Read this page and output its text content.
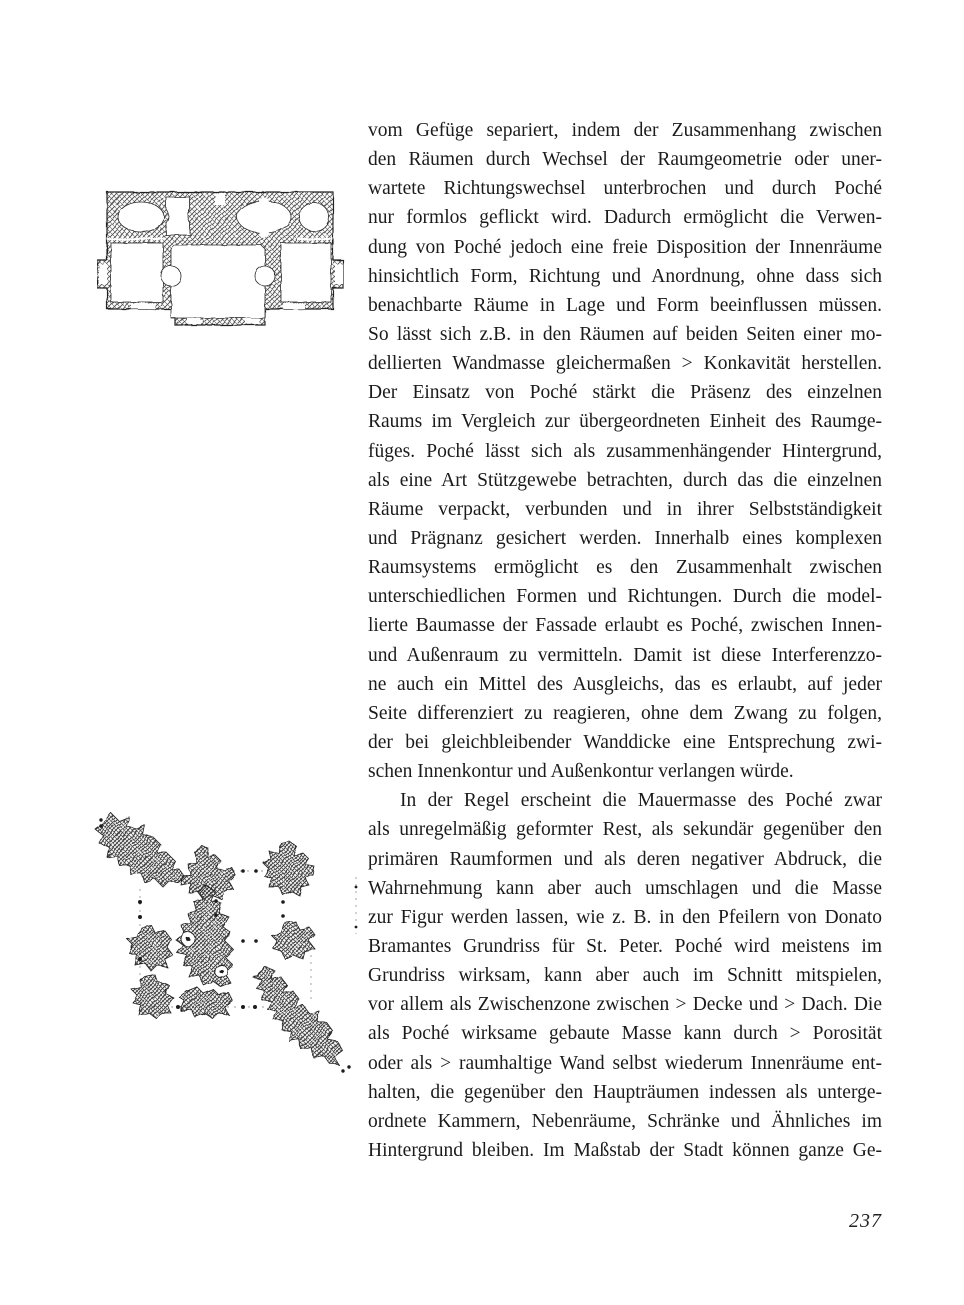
vom Gefüge separiert, indem der Zusammenhang zwischen
den Räumen durch Wechsel der Raumgeometrie oder uner-
wartete Richtungswechsel unterbrochen und durch Poché
nur formlos geflickt wird. Dadurch ermöglicht die Verwen-
dung von Poché jedoch eine freie Disposition der Innenräume
hinsichtlich Form, Richtung und Anordnung, ohne dass sich
benachbarte Räume in Lage und Form beeinflussen müssen.
So lässt sich z.B. in den Räumen auf beiden Seiten einer mo-
dellierten Wandmasse gleichermaßen > Konkavität herstellen.
Der Einsatz von Poché stärkt die Präsenz des einzelnen
Raums im Vergleich zur übergeordneten Einheit des Raumge-
füges. Poché lässt sich als zusammenhängender Hintergrund,
als eine Art Stützgewebe betrachten, durch das die einzelnen
Räume verpackt, verbunden und in ihrer Selbstständigkeit
und Prägnanz gesichert werden. Innerhalb eines komplexen
Raumsystems ermöglicht es den Zusammenhalt zwischen
unterschiedlichen Formen und Richtungen. Durch die model-
lierte Baumasse der Fassade erlaubt es Poché, zwischen Innen-
und Außenraum zu vermitteln. Damit ist diese Interferenzzo-
ne auch ein Mittel des Ausgleichs, das es erlaubt, auf jeder
Seite differenziert zu reagieren, ohne dem Zwang zu folgen,
der bei gleichbleibender Wanddicke eine Entsprechung zwi-
schen Innenkontur und Außenkontur verlangen würde.
In der Regel erscheint die Mauermasse des Poché zwar
als unregelmäßig geformter Rest, als sekundär gegenüber den
primären Raumformen und als deren negativer Abdruck, die
Wahrnehmung kann aber auch umschlagen und die Masse
zur Figur werden lassen, wie z. B. in den Pfeilern von Donato
Bramantes Grundriss für St. Peter. Poché wird meistens im
Grundriss wirksam, kann aber auch im Schnitt mitspielen,
vor allem als Zwischenzone zwischen > Decke und > Dach. Die
als Poché wirksame gebaute Masse kann durch > Porosität
oder als > raumhaltige Wand selbst wiederum Innenräume ent-
halten, die gegenüber den Haupträumen indessen als unterge-
ordnete Kammern, Nebenräume, Schränke und Ähnliches im
Hintergrund bleiben. Im Maßstab der Stadt können ganze Ge-
237
